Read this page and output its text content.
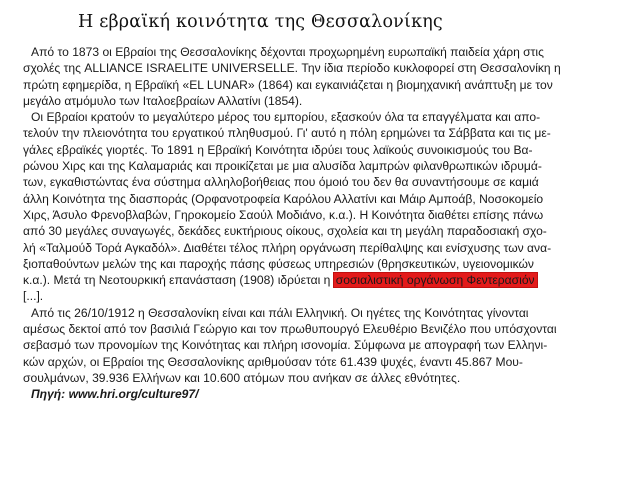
Η εβραϊκή κοινότητα της Θεσσαλονίκης
Από το 1873 οι Εβραίοι της Θεσσαλονίκης δέχονται προχωρημένη ευρωπαϊκή παιδεία χάρη στις
σχολές της ALLIANCE ISRAELITE UNIVERSELLE. Την ίδια περίοδο κυκλοφορεί στη Θεσσαλονίκη η
πρώτη εφημερίδα, η Εβραϊκή «EL LUNAR» (1864) και εγκαινιάζεται η βιομηχανική ανάπτυξη με τον
μεγάλο ατμόμυλο των Ιταλοεβραίων Αλλατίνι (1854).
Οι Εβραίοι κρατούν το μεγαλύτερο μέρος του εμπορίου, εξασκούν όλα τα επαγγέλματα και απο-
τελούν την πλειονότητα του εργατικού πληθυσμού. Γι' αυτό η πόλη ερημώνει τα Σάββατα και τις με-
γάλες εβραϊκές γιορτές. Το 1891 η Εβραϊκή Κοινότητα ιδρύει τους λαϊκούς συνοικισμούς του Βα-
ρώνου Χιρς και της Καλαμαριάς και προικίζεται με μια αλυσίδα λαμπρών φιλανθρωπικών ιδρυμά-
των, εγκαθιστώντας ένα σύστημα αλληλοβοήθειας που όμοιό του δεν θα συναντήσουμε σε καμιά
άλλη Κοινότητα της διασποράς (Ορφανοτροφεία Καρόλου Αλλατίνι και Μάιρ Αμποάβ, Νοσοκομείο
Χιρς, Άσυλο Φρενοβλαβών, Γηροκομείο Σαούλ Μοδιάνο, κ.α.). Η Κοινότητα διαθέτει επίσης πάνω
από 30 μεγάλες συναγωγές, δεκάδες ευκτήριους οίκους, σχολεία και τη μεγάλη παραδοσιακή σχο-
λή «Ταλμούδ Τορά Αγκαδόλ». Διαθέτει τέλος πλήρη οργάνωση περίθαλψης και ενίσχυσης των ανα-
ξιοπαθούντων μελών της και παροχής πάσης φύσεως υπηρεσιών (θρησκευτικών, υγειονομικών
κ.α.). Μετά τη Νεοτουρκική επανάσταση (1908) ιδρύεται η σοσιαλιστική οργάνωση Φεντερασιόν
[...].
Από τις 26/10/1912 η Θεσσαλονίκη είναι και πάλι Ελληνική. Οι ηγέτες της Κοινότητας γίνονται
αμέσως δεκτοί από τον βασιλιά Γεώργιο και τον πρωθυπουργό Ελευθέριο Βενιζέλο που υπόσχονται
σεβασμό των προνομίων της Κοινότητας και πλήρη ισονομία. Σύμφωνα με απογραφή των Ελληνι-
κών αρχών, οι Εβραίοι της Θεσσαλονίκης αριθμούσαν τότε 61.439 ψυχές, έναντι 45.867 Μου-
σουλμάνων, 39.936 Ελλήνων και 10.600 ατόμων που ανήκαν σε άλλες εθνότητες.
Πηγή: www.hri.org/culture97/
